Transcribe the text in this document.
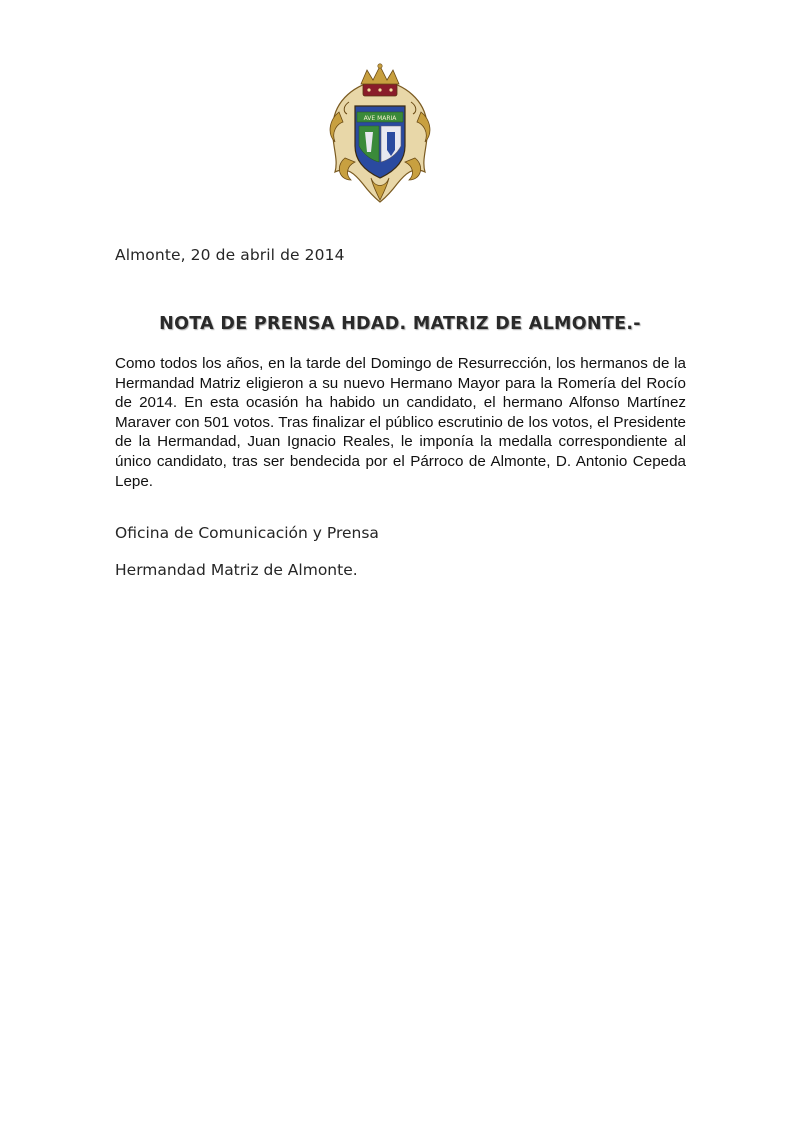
AVE MARIA
Almonte, 20 de abril de 2014
NOTA DE PRENSA HDAD. MATRIZ DE ALMONTE.-

Como todos los años, en la tarde del Domingo de Resurrección, los hermanos de la Hermandad Matriz eligieron a su nuevo Hermano Mayor para la Romería del Rocío de 2014. En esta ocasión ha habido un candidato, el hermano Alfonso Martínez Maraver con 501 votos. Tras finalizar el público escrutinio de los votos, el Presidente de la Hermandad, Juan Ignacio Reales, le imponía la medalla correspondiente al único candidato, tras ser bendecida por el Párroco de Almonte, D. Antonio Cepeda Lepe.

Oficina de Comunicación y Prensa
Hermandad Matriz de Almonte.
